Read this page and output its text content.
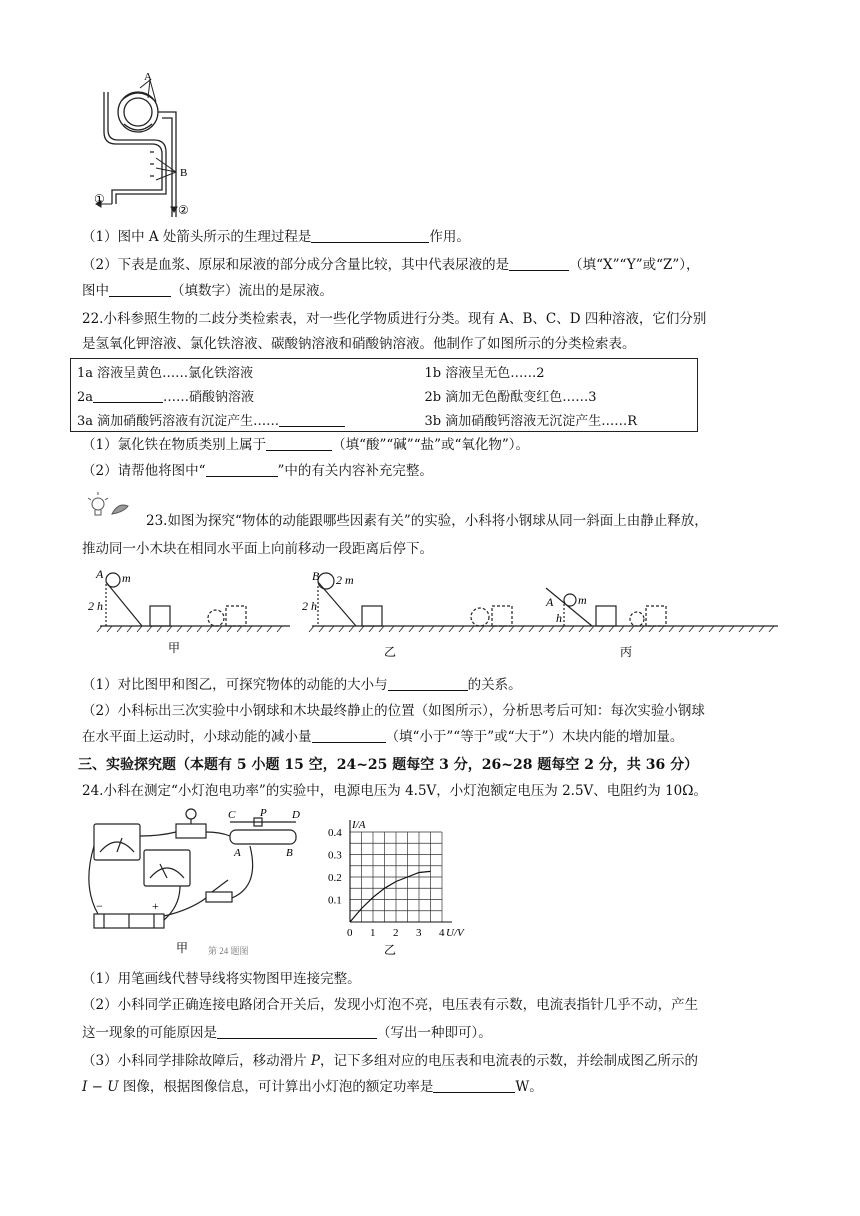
A
B
①
②
（1）图中 A 处箭头所示的生理过程是	作用。
（2）下表是血浆、原尿和尿液的部分成分含量比较，其中代表尿液的是	（填“X”“Y”或“Z”），
图中	（填数字）流出的是尿液。
22.小科参照生物的二歧分类检索表，对一些化学物质进行分类。现有 A、B、C、D 四种溶液，它们分别
是氢氧化钾溶液、氯化铁溶液、碳酸钠溶液和硝酸钠溶液。他制作了如图所示的分类检索表。
1a 溶液呈黄色……氯化铁溶液	1b 溶液呈无色……2
2a ……硝酸钠溶液	2b 滴加无色酚酞变红色……3
3a 滴加硝酸钙溶液有沉淀产生……	3b 滴加硝酸钙溶液无沉淀产生……R
（1）氯化铁在物质类别上属于	（填“酸”“碱”“盐”或“氧化物”）。
（2）请帮他将图中“	”中的有关内容补充完整。
23.如图为探究“物体的动能跟哪些因素有关”的实验，小科将小钢球从同一斜面上由静止释放，
推动同一小木块在相同水平面上向前移动一段距离后停下。
A m
2 h
B 2 m
2 h	A m
h
甲	乙	丙
（1）对比图甲和图乙，可探究物体的动能的大小与	的关系。
（2）小科标出三次实验中小钢球和木块最终静止的位置（如图所示），分析思考后可知：每次实验小钢球
在水平面上运动时，小球动能的减小量	（填“小于”“等于”或“大于”）木块内能的增加量。
三、实验探究题（本题有 5 小题 15 空，24~25 题每空 3 分，26~28 题每空 2 分，共 36 分）
24.小科在测定“小灯泡电功率”的实验中，电源电压为 4.5V，小灯泡额定电压为 2.5V、电阻约为 10Ω。
C P D
A	B
−	+
甲 第 24 题图
0 1 2 3 4
0.4
0.3
0.2
0.1
I/A
U/V
乙
（1）用笔画线代替导线将实物图甲连接完整。
（2）小科同学正确连接电路闭合开关后，发现小灯泡不亮，电压表有示数，电流表指针几乎不动，产生
这一现象的可能原因是	（写出一种即可）。
（3）小科同学排除故障后，移动滑片 P，记下多组对应的电压表和电流表的示数，并绘制成图乙所示的
I − U 图像，根据图像信息，可计算出小灯泡的额定功率是	W。
